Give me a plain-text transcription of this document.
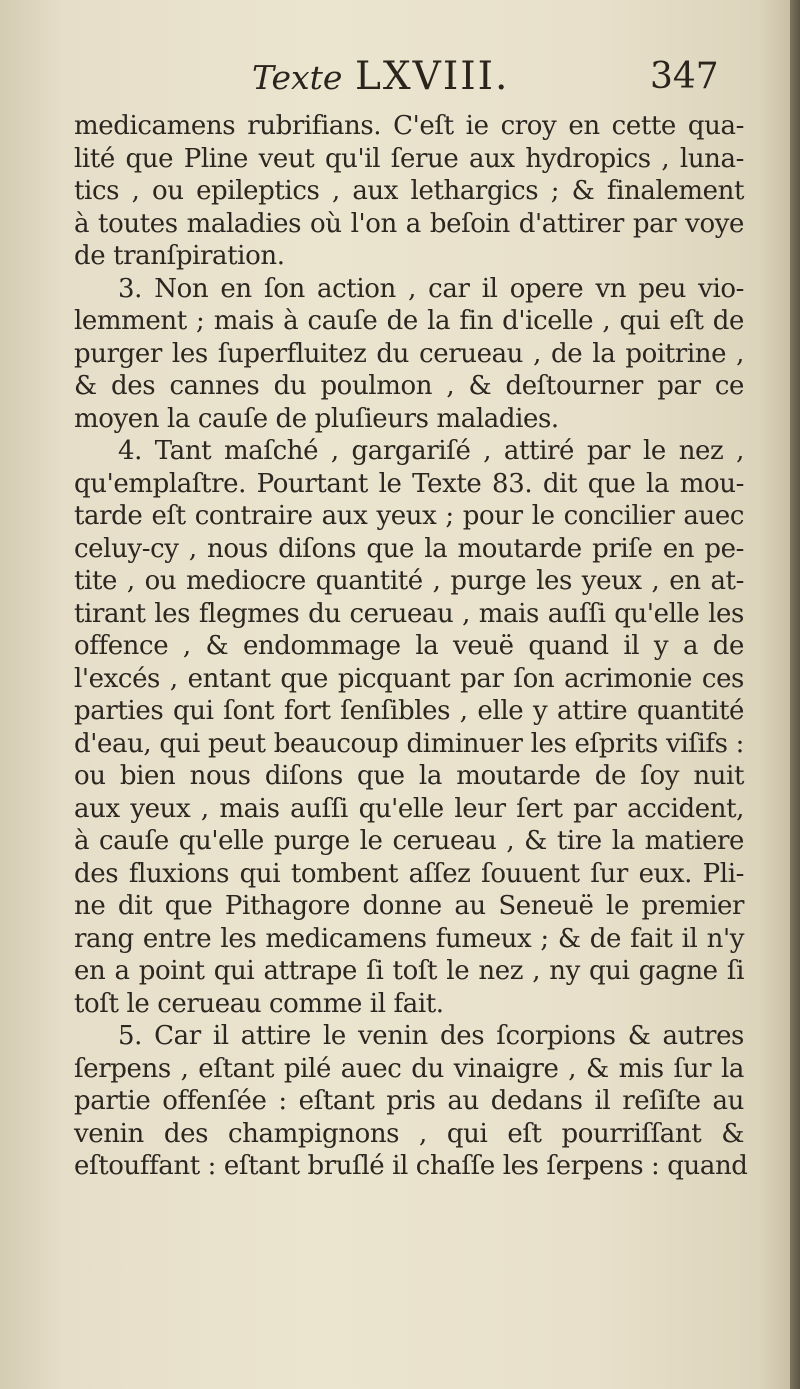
Texte LXVIII.	347
medicamens rubrifians. C'eſt ie croy en cette qua-
lité que Pline veut qu'il ſerue aux hydropics , luna-
tics , ou epileptics , aux lethargics ; & finalement
à toutes maladies où l'on a beſoin d'attirer par voye
de tranſpiration.
3. Non en ſon action , car il opere vn peu vio-
lemment ; mais à cauſe de la fin d'icelle , qui eſt de
purger les ſuperfluitez du cerueau , de la poitrine ,
& des cannes du poulmon , & deſtourner par ce
moyen la cauſe de pluſieurs maladies.
4. Tant maſché , gargariſé , attiré par le nez ,
qu'emplaſtre. Pourtant le Texte 83. dit que la mou-
tarde eſt contraire aux yeux ; pour le concilier auec
celuy-cy , nous diſons que la moutarde priſe en pe-
tite , ou mediocre quantité , purge les yeux , en at-
tirant les flegmes du cerueau , mais auſſi qu'elle les
offence , & endommage la veuë quand il y a de
l'excés , entant que picquant par ſon acrimonie ces
parties qui ſont fort ſenſibles , elle y attire quantité
d'eau, qui peut beaucoup diminuer les eſprits viſifs :
ou bien nous diſons que la moutarde de ſoy nuit
aux yeux , mais auſſi qu'elle leur ſert par accident,
à cauſe qu'elle purge le cerueau , & tire la matiere
des fluxions qui tombent aſſez ſouuent ſur eux. Pli-
ne dit que Pithagore donne au Seneuë le premier
rang entre les medicamens fumeux ; & de fait il n'y
en a point qui attrape ſi toſt le nez , ny qui gagne ſi
toſt le cerueau comme il fait.
5. Car il attire le venin des ſcorpions & autres
ſerpens , eſtant pilé auec du vinaigre , & mis ſur la
partie offenſée : eſtant pris au dedans il reſiſte au
venin des champignons , qui eſt pourriſſant &
eſtouffant : eſtant bruſlé il chaſſe les ſerpens : quand
